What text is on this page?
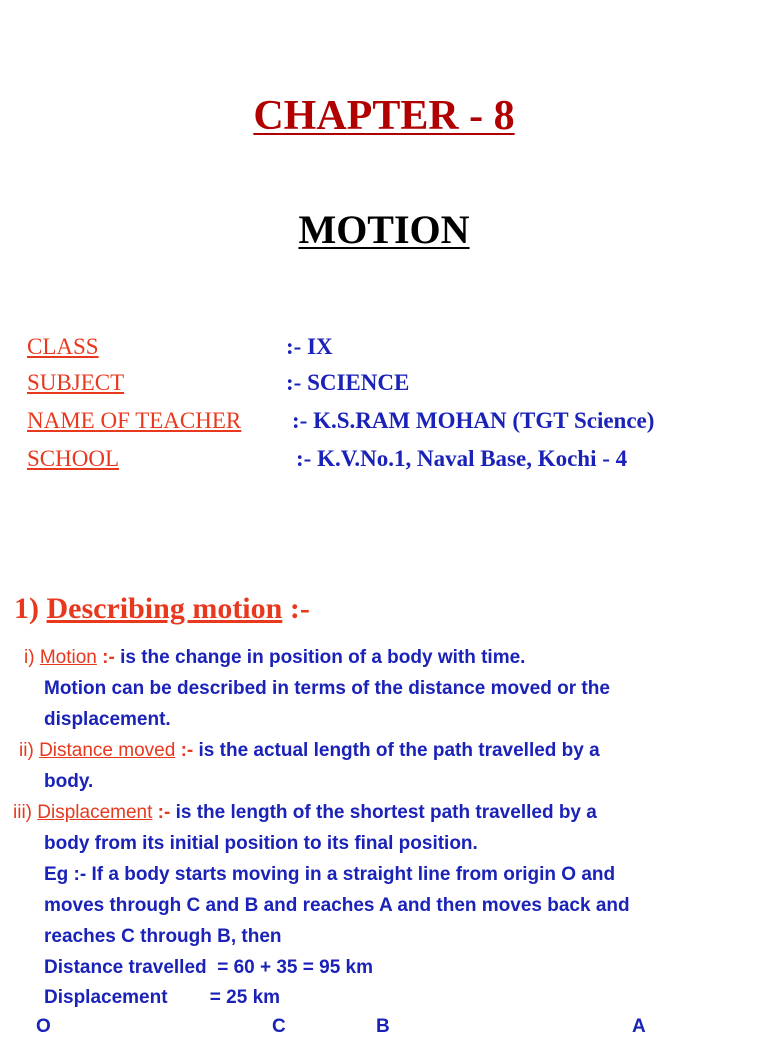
CHAPTER - 8
MOTION
CLASS	:- IX
SUBJECT	:- SCIENCE
NAME OF TEACHER :- K.S.RAM MOHAN (TGT Science)
SCHOOL	:- K.V.No.1, Naval Base, Kochi - 4
1) Describing motion :-
i) Motion :- is the change in position of a body with time.
Motion can be described in terms of the distance moved or the
displacement.
ii) Distance moved :- is the actual length of the path travelled by a
body.
iii) Displacement :- is the length of the shortest path travelled by a
body from its initial position to its final position.
Eg :- If a body starts moving in a straight line from origin O and
moves through C and B and reaches A and then moves back and
reaches C through B, then
Distance travelled  = 60 + 35 = 95 km
Displacement        = 25 km
O	C	B	A
